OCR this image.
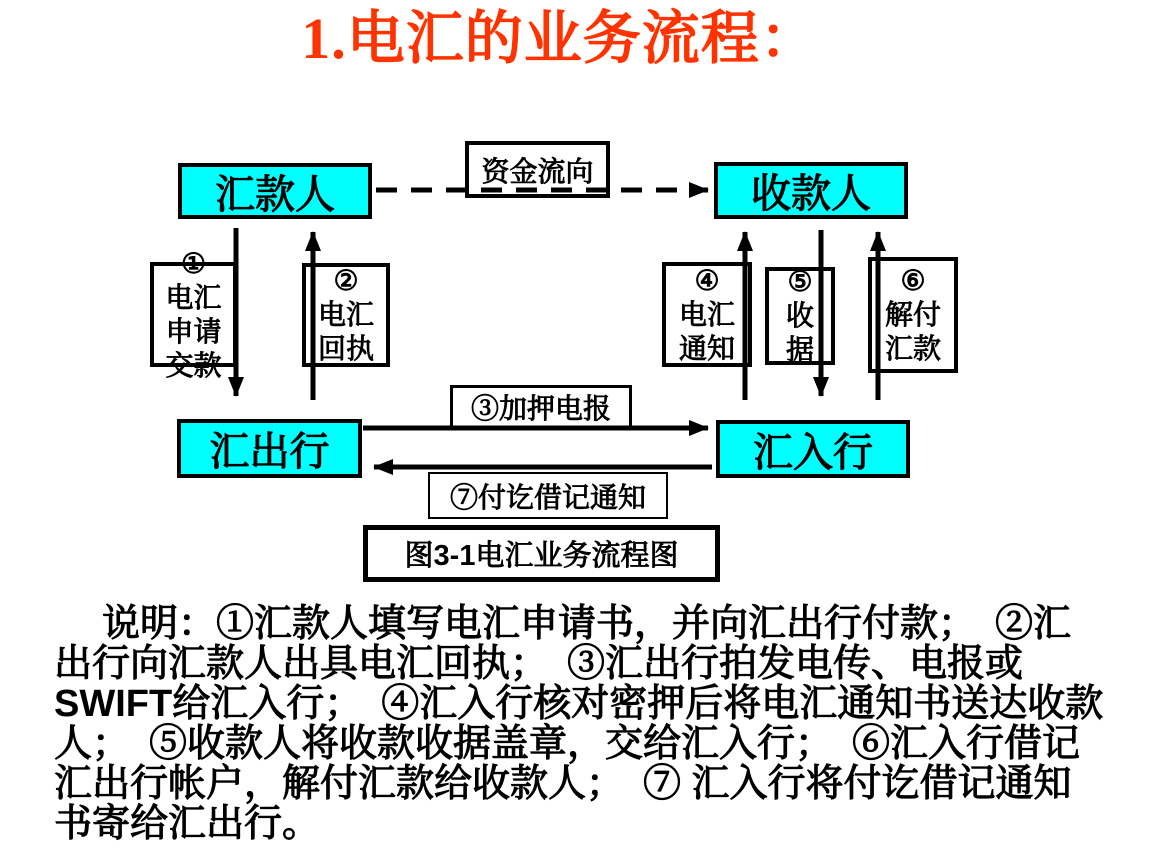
1.电汇的业务流程：
汇款人
资金流向
收款人
①
电汇
申请
交款
②
电汇
回执
④
电汇
通知
⑤
收
据
⑥
解付
汇款
汇出行	汇入行
③加押电报
⑦付讫借记通知
图3-1电汇业务流程图
说明：①汇款人填写电汇申请书，并向汇出行付款；　②汇
出行向汇款人出具电汇回执；　③汇出行拍发电传、电报或
SWIFT给汇入行；　④汇入行核对密押后将电汇通知书送达收款
人；　⑤收款人将收款收据盖章，交给汇入行；　⑥汇入行借记
汇出行帐户，解付汇款给收款人；　⑦ 汇入行将付讫借记通知
书寄给汇出行。
